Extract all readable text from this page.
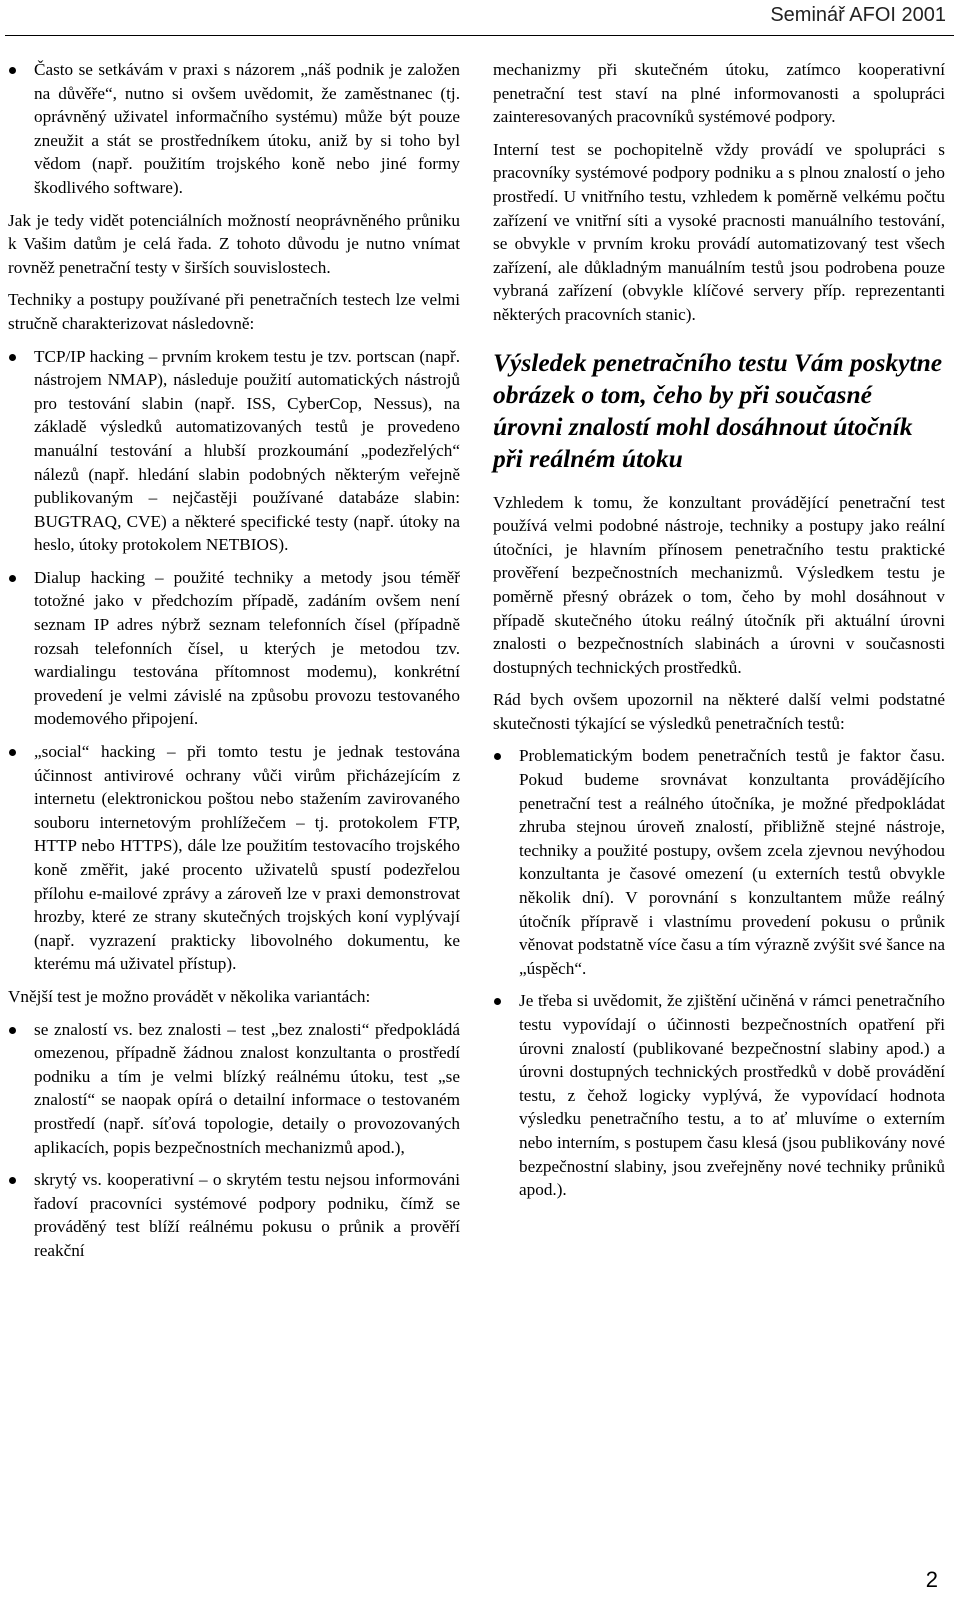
Seminář AFOI 2001
Často se setkávám v praxi s názorem „náš podnik je založen na důvěře“, nutno si ovšem uvědomit, že zaměstnanec (tj. oprávněný uživatel informačního systému) může být pouze zneužit a stát se prostředníkem útoku, aniž by si toho byl vědom (např. použitím trojského koně nebo jiné formy škodlivého software).

Jak je tedy vidět potenciálních možností neoprávněného průniku k Vašim datům je celá řada. Z tohoto důvodu je nutno vnímat rovněž penetrační testy v širších souvislostech.

Techniky a postupy používané při penetračních testech lze velmi stručně charakterizovat následovně:

TCP/IP hacking – prvním krokem testu je tzv. portscan (např. nástrojem NMAP), následuje použití automatických nástrojů pro testování slabin (např. ISS, CyberCop, Nessus), na základě výsledků automatizovaných testů je provedeno manuální testování a hlubší prozkoumání „podezřelých“ nálezů (např. hledání slabin podobných některým veřejně publikovaným – nejčastěji používané databáze slabin: BUGTRAQ, CVE) a některé specifické testy (např. útoky na heslo, útoky protokolem NETBIOS).
Dialup hacking – použité techniky a metody jsou téměř totožné jako v předchozím případě, zadáním ovšem není seznam IP adres nýbrž seznam telefonních čísel (případně rozsah telefonních čísel, u kterých je metodou tzv. wardialingu testována přítomnost modemu), konkrétní provedení je velmi závislé na způsobu provozu testovaného modemového připojení.
„social“ hacking – při tomto testu je jednak testována účinnost antivirové ochrany vůči virům přicházejícím z internetu (elektronickou poštou nebo stažením zavirovaného souboru internetovým prohlížečem – tj. protokolem FTP, HTTP nebo HTTPS), dále lze použitím testovacího trojského koně změřit, jaké procento uživatelů spustí podezřelou přílohu e-mailové zprávy a zároveň lze v praxi demonstrovat hrozby, které ze strany skutečných trojských koní vyplývají (např. vyzrazení prakticky libovolného dokumentu, ke kterému má uživatel přístup).

Vnější test je možno provádět v několika variantách:

se znalostí vs. bez znalosti – test „bez znalosti“ předpokládá omezenou, případně žádnou znalost konzultanta o prostředí podniku a tím je velmi blízký reálnému útoku, test „se znalostí“ se naopak opírá o detailní informace o testovaném prostředí (např. síťová topologie, detaily o provozovaných aplikacích, popis bezpečnostních mechanizmů apod.),
skrytý vs. kooperativní – o skrytém testu nejsou informováni řadoví pracovníci systémové podpory podniku, čímž se prováděný test blíží reálnému pokusu o průnik a prověří reakční

mechanizmy při skutečném útoku, zatímco kooperativní penetrační test staví na plné informovanosti a spolupráci zainteresovaných pracovníků systémové podpory.

Interní test se pochopitelně vždy provádí ve spolupráci s pracovníky systémové podpory podniku a s plnou znalostí o jeho prostředí. U vnitřního testu, vzhledem k poměrně velkému počtu zařízení ve vnitřní síti a vysoké pracnosti manuálního testování, se obvykle v prvním kroku provádí automatizovaný test všech zařízení, ale důkladným manuálním testů jsou podrobena pouze vybraná zařízení (obvykle klíčové servery příp. reprezentanti některých pracovních stanic).

Výsledek penetračního testu Vám poskytne obrázek o tom, čeho by při současné úrovni znalostí mohl dosáhnout útočník při reálném útoku

Vzhledem k tomu, že konzultant provádějící penetrační test používá velmi podobné nástroje, techniky a postupy jako reální útočníci, je hlavním přínosem penetračního testu praktické prověření bezpečnostních mechanizmů. Výsledkem testu je poměrně přesný obrázek o tom, čeho by mohl dosáhnout v případě skutečného útoku reálný útočník při aktuální úrovni znalosti o bezpečnostních slabinách a úrovni v současnosti dostupných technických prostředků.

Rád bych ovšem upozornil na některé další velmi podstatné skutečnosti týkající se výsledků penetračních testů:

Problematickým bodem penetračních testů je faktor času. Pokud budeme srovnávat konzultanta provádějícího penetrační test a reálného útočníka, je možné předpokládat zhruba stejnou úroveň znalostí, přibližně stejné nástroje, techniky a použité postupy, ovšem zcela zjevnou nevýhodou konzultanta je časové omezení (u externích testů obvykle několik dní). V porovnání s konzultantem může reálný útočník přípravě i vlastnímu provedení pokusu o průnik věnovat podstatně více času a tím výrazně zvýšit své šance na „úspěch“.
Je třeba si uvědomit, že zjištění učiněná v rámci penetračního testu vypovídají o účinnosti bezpečnostních opatření při úrovni znalostí (publikované bezpečnostní slabiny apod.) a úrovni dostupných technických prostředků v době provádění testu, z čehož logicky vyplývá, že vypovídací hodnota výsledku penetračního testu, a to ať mluvíme o externím nebo interním, s postupem času klesá (jsou publikovány nové bezpečnostní slabiny, jsou zveřejněny nové techniky průniků apod.).
2
